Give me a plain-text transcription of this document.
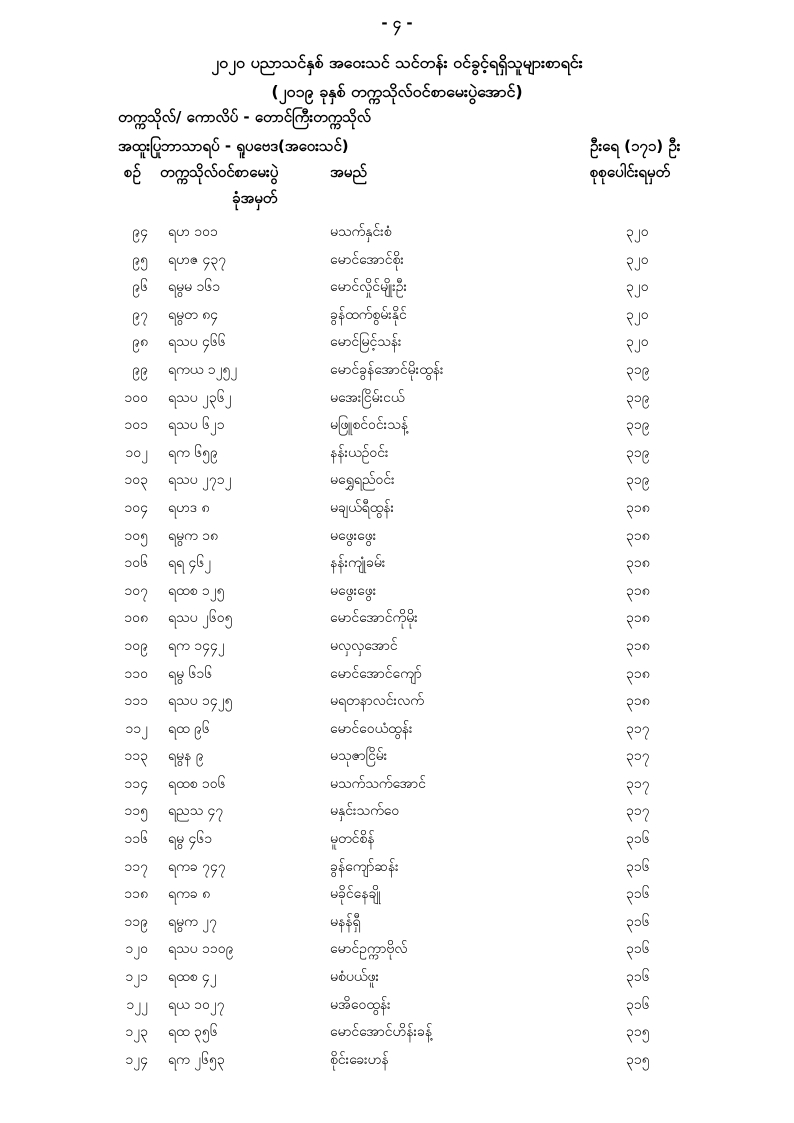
- ၄ -
၂၀၂၀ ပညာသင်နှစ် အဝေးသင် သင်တန်း ဝင်ခွင့်ရရှိသူများစာရင်း
(၂၀၁၉ ခုနှစ် တက္ကသိုလ်ဝင်စာမေးပွဲအောင်)
တက္ကသိုလ်/ ကောလိပ် - ‌တောင်ကြီးတက္ကသိုလ်
အထူးပြုဘာသာရပ် - ရူပဗေဒ(အဝေးသင်)	ဦးရေ (၁၇၁) ဦး
စဉ် တက္ကသိုလ်ဝင်စာမေးပွဲ
ခုံအမှတ်
အမည်	စုစုပေါင်းရမှတ်
၉၄ ရဟ ၁၀၁	မသက်နှင်းစံ	၃၂၀
၉၅ ရဟဇ ၄၃၇	မောင်အောင်စိုး	၃၂၀
၉၆ ရမွမ ၁၆၁	မောင်လှိုင်မျိုးဦး	၃၂၀
၉၇ ရမွတ ၈၄	ခွန်ထက်စွမ်းနိုင်	၃၂၀
၉၈ ရသပ ၄၆၆	မောင်မြင့်သန်း	၃၂၀
၉၉ ရကယ ၁၂၅၂	မောင်ခွန်အောင်မိုးထွန်း	၃၁၉
၁၀၀ ရသပ ၂၃၆၂	မအေးငြိမ်းငယ်	၃၁၉
၁၀၁ ရသပ ၆၂၁	မဖြူစင်ဝင်းသန့်	၃၁၉
၁၀၂ ရက ၆၅၉	နန်းယဥ်ဝင်း	၃၁၉
၁၀၃ ရသပ ၂၇၁၂	မရွှေရည်ဝင်း	၃၁၉
၁၀၄ ရဟဒ ၈	မချယ်ရီထွန်း	၃၁၈
၁၀၅ ရမွက ၁၈	မဖွေးဖွေး	၃၁၈
၁၀၆ ရရ ၄၆၂	နန်းကျုံခမ်း	၃၁၈
၁၀၇ ရထစ ၁၂၅	မဖွေးဖွေး	၃၁၈
၁၀၈ ရသပ ၂၆၀၅	မောင်အောင်ကိုမိုး	၃၁၈
၁၀၉ ရက ၁၄၄၂	မလှလှအောင်	၃၁၈
၁၁၀ ရမွ ၆၁၆	မောင်အောင်ကျော်	၃၁၈
၁၁၁ ရသပ ၁၄၂၅	မရတနာလင်းလက်	၃၁၈
၁၁၂ ရထ ၉၆	မောင်ဝေယံထွန်း	၃၁၇
၁၁၃ ရမွန ၉	မသုဇာငြိမ်း	၃၁၇
၁၁၄ ရထစ ၁၀၆	မသက်သက်အောင်	၃၁၇
၁၁၅ ရညသ ၄၇	မနှင်းသက်ဝေ	၃၁၇
၁၁၆ ရမွ ၄၆၁	မူတင်စိန်	၃၁၆
၁၁၇ ရကခ ၇၄၇	ခွန်ကျော်ဆန်း	၃၁၆
၁၁၈ ရကခ ၈	မခိုင်နေချို	၃၁၆
၁၁၉ ရမွက ၂၇	မနန်ရှီ	၃၁၆
၁၂၀ ရသပ ၁၁၀၉	မောင်ဥက္ကာဗိုလ်	၃၁၆
၁၂၁ ရထစ ၄၂	မစံပယ်ဖူး	၃၁၆
၁၂၂ ရယ ၁၀၂၇	မအိဝေထွန်း	၃၁၆
၁၂၃ ရထ ၃၅၆	မောင်အောင်ဟိန်းခန့်	၃၁၅
၁၂၄ ရက ၂၆၅၃	စိုင်းခေးဟန်	၃၁၅
